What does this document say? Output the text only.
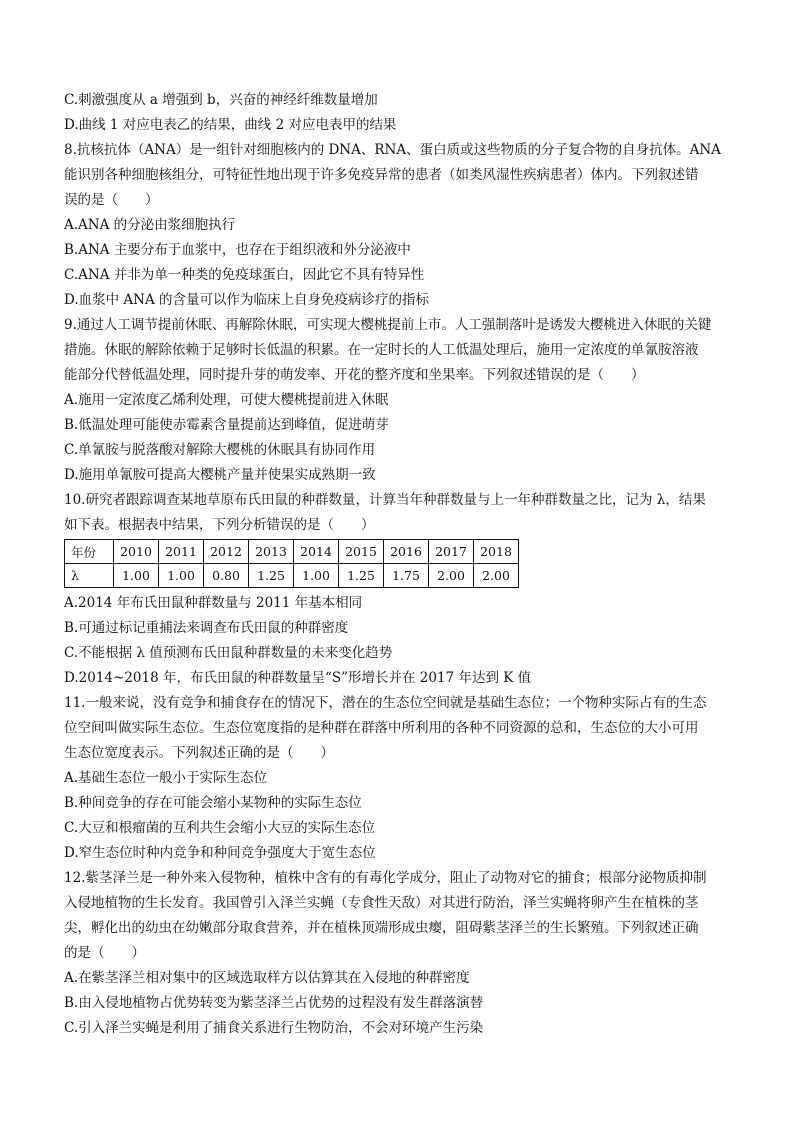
C.刺激强度从 a 增强到 b，兴奋的神经纤维数量增加
D.曲线 1 对应电表乙的结果，曲线 2 对应电表甲的结果
8.抗核抗体（ANA）是一组针对细胞核内的 DNA、RNA、蛋白质或这些物质的分子复合物的自身抗体。ANA
能识别各种细胞核组分，可特征性地出现于许多免疫异常的患者（如类风湿性疾病患者）体内。下列叙述错
误的是（　　）
A.ANA 的分泌由浆细胞执行
B.ANA 主要分布于血浆中，也存在于组织液和外分泌液中
C.ANA 并非为单一种类的免疫球蛋白，因此它不具有特异性
D.血浆中 ANA 的含量可以作为临床上自身免疫病诊疗的指标
9.通过人工调节提前休眠、再解除休眠，可实现大樱桃提前上市。人工强制落叶是诱发大樱桃进入休眠的关键
措施。休眠的解除依赖于足够时长低温的积累。在一定时长的人工低温处理后，施用一定浓度的单氰胺溶液
能部分代替低温处理，同时提升芽的萌发率、开花的整齐度和坐果率。下列叙述错误的是（　　）
A.施用一定浓度乙烯利处理，可使大樱桃提前进入休眠
B.低温处理可能使赤霉素含量提前达到峰值，促进萌芽
C.单氰胺与脱落酸对解除大樱桃的休眠具有协同作用
D.施用单氰胺可提高大樱桃产量并使果实成熟期一致
10.研究者跟踪调查某地草原布氏田鼠的种群数量，计算当年种群数量与上一年种群数量之比，记为 λ，结果
如下表。根据表中结果，下列分析错误的是（　　）
年份	2010	2011	2012	2013	2014	2015	2016	2017	2018
λ	1.00	1.00	0.80	1.25	1.00	1.25	1.75	2.00	2.00
A.2014 年布氏田鼠种群数量与 2011 年基本相同
B.可通过标记重捕法来调查布氏田鼠的种群密度
C.不能根据 λ 值预测布氏田鼠种群数量的未来变化趋势
D.2014~2018 年，布氏田鼠的种群数量呈“S”形增长并在 2017 年达到 K 值
11.一般来说，没有竞争和捕食存在的情况下，潜在的生态位空间就是基础生态位；一个物种实际占有的生态
位空间叫做实际生态位。生态位宽度指的是种群在群落中所利用的各种不同资源的总和，生态位的大小可用
生态位宽度表示。下列叙述正确的是（　　）
A.基础生态位一般小于实际生态位
B.种间竞争的存在可能会缩小某物种的实际生态位
C.大豆和根瘤菌的互利共生会缩小大豆的实际生态位
D.窄生态位时种内竞争和种间竞争强度大于宽生态位
12.紫茎泽兰是一种外来入侵物种，植株中含有的有毒化学成分，阻止了动物对它的捕食；根部分泌物质抑制
入侵地植物的生长发育。我国曾引入泽兰实蝇（专食性天敌）对其进行防治，泽兰实蝇将卵产生在植株的茎
尖，孵化出的幼虫在幼嫩部分取食营养，并在植株顶端形成虫瘿，阻碍紫茎泽兰的生长繁殖。下列叙述正确
的是（　　）
A.在紫茎泽兰相对集中的区域选取样方以估算其在入侵地的种群密度
B.由入侵地植物占优势转变为紫茎泽兰占优势的过程没有发生群落演替
C.引入泽兰实蝇是利用了捕食关系进行生物防治，不会对环境产生污染
